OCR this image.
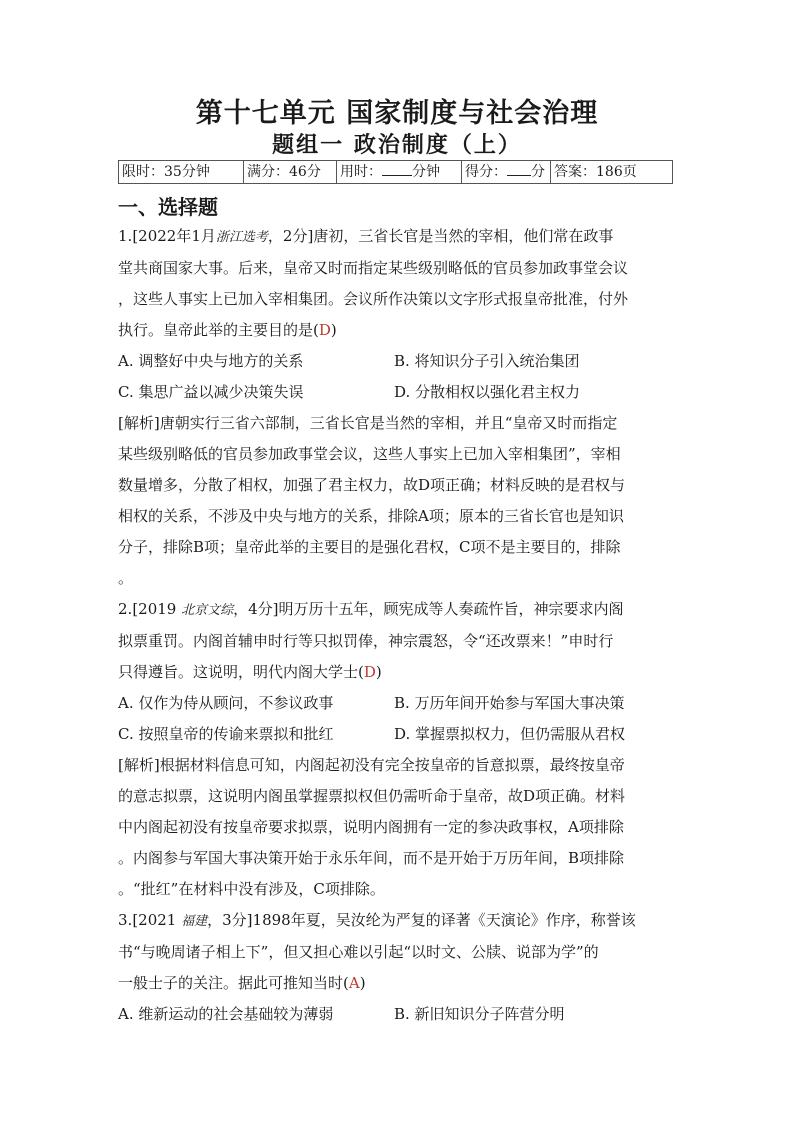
第十七单元 国家制度与社会治理
题组一 政治制度（上）
限时：35分钟	满分：46分	用时： 分钟	得分： 分	答案：186页
一、选择题

1.[2022年1月浙江选考，2分]唐初，三省长官是当然的宰相，他们常在政事

堂共商国家大事。后来，皇帝又时而指定某些级别略低的官员参加政事堂会议

，这些人事实上已加入宰相集团。会议所作决策以文字形式报皇帝批准，付外

执行。皇帝此举的主要目的是(D)

A. 调整好中央与地方的关系	B. 将知识分子引入统治集团
C. 集思广益以减少决策失误	D. 分散相权以强化君主权力

[解析]唐朝实行三省六部制，三省长官是当然的宰相，并且“皇帝又时而指定

某些级别略低的官员参加政事堂会议，这些人事实上已加入宰相集团”，宰相

数量增多，分散了相权，加强了君主权力，故D项正确；材料反映的是君权与

相权的关系，不涉及中央与地方的关系，排除A项；原本的三省长官也是知识

分子，排除B项；皇帝此举的主要目的是强化君权，C项不是主要目的，排除

。

2.[2019 北京文综，4分]明万历十五年，顾宪成等人奏疏忤旨，神宗要求内阁

拟票重罚。内阁首辅申时行等只拟罚俸，神宗震怒，令“还改票来！”申时行

只得遵旨。这说明，明代内阁大学士(D)

A. 仅作为侍从顾问，不参议政事	B. 万历年间开始参与军国大事决策
C. 按照皇帝的传谕来票拟和批红	D. 掌握票拟权力，但仍需服从君权

[解析]根据材料信息可知，内阁起初没有完全按皇帝的旨意拟票，最终按皇帝

的意志拟票，这说明内阁虽掌握票拟权但仍需听命于皇帝，故D项正确。材料

中内阁起初没有按皇帝要求拟票，说明内阁拥有一定的参决政事权，A项排除

。内阁参与军国大事决策开始于永乐年间，而不是开始于万历年间，B项排除

。“批红”在材料中没有涉及，C项排除。

3.[2021 福建，3分]1898年夏，吴汝纶为严复的译著《天演论》作序，称誉该

书“与晚周诸子相上下”，但又担心难以引起“以时文、公牍、说部为学”的

一般士子的关注。据此可推知当时(A)

A. 维新运动的社会基础较为薄弱	B. 新旧知识分子阵营分明
